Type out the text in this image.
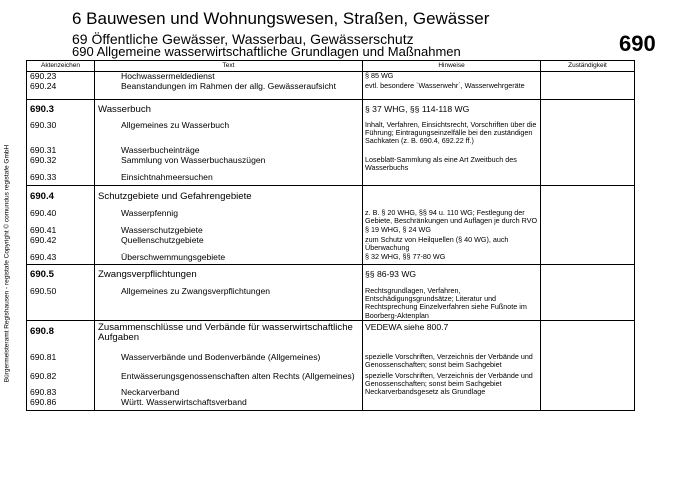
6 Bauwesen und Wohnungswesen, Straßen, Gewässer
69 Öffentliche Gewässer, Wasserbau, Gewässerschutz
690 Allgemeine wasserwirtschaftliche Grundlagen und Maßnahmen	690
Bürgermeisteramt Regishausen - registafe Copyright © comundus registafe GmbH
Aktenzeichen	Text	Hinweise	Zuständigkeit
690.23	Hochwassermeldedienst	§ 85 WG	
690.24	Beanstandungen im Rahmen der allg. Gewässeraufsicht	evtl. besondere `Wasserwehr´, Wasserwehrgeräte	
690.3	Wasserbuch	§ 37 WHG, §§ 114-118 WG	
690.30	Allgemeines zu Wasserbuch	Inhalt, Verfahren, Einsichtsrecht, Vorschriften über die Führung; Eintragungseinzelfälle bei den zuständigen Sachkaten (z. B. 690.4, 692.22 ff.)	
690.31	Wasserbucheinträge		
690.32	Sammlung von Wasserbuchauszügen	Loseblatt-Sammlung als eine Art Zweitbuch des Wasserbuchs	
690.33	Einsichtnahmeersuchen		
690.4	Schutzgebiete und Gefahrengebiete		
690.40	Wasserpfennig	z. B. § 20 WHG, §§ 94 u. 110 WG; Festlegung der Gebiete, Beschränkungen und Auflagen je durch RVO	
690.41	Wasserschutzgebiete	§ 19 WHG, § 24 WG	
690.42	Quellenschutzgebiete	zum Schutz von Heilquellen (§ 40 WG), auch Überwachung	
690.43	Überschwemmungsgebiete	§ 32 WHG, §§ 77-80 WG	
690.5	Zwangsverpflichtungen	§§ 86-93 WG	
690.50	Allgemeines zu Zwangsverpflichtungen	Rechtsgrundlagen, Verfahren, Entschädigungsgrundsätze; Literatur und Rechtsprechung Einzelverfahren siehe Fußnote im Boorberg-Aktenplan	
690.8	Zusammenschlüsse und Verbände für wasserwirtschaftliche Aufgaben	VEDEWA siehe 800.7	
690.81	Wasserverbände und Bodenverbände (Allgemeines)	spezielle Vorschriften, Verzeichnis der Verbände und Genossenschaften; sonst beim Sachgebiet	
690.82	Entwässerungsgenossenschaften alten Rechts (Allgemeines)	spezielle Vorschriften, Verzeichnis der Verbände und Genossenschaften; sonst beim Sachgebiet	
690.83	Neckarverband	Neckarverbandsgesetz als Grundlage	
690.86	Württ. Wasserwirtschaftsverband		
